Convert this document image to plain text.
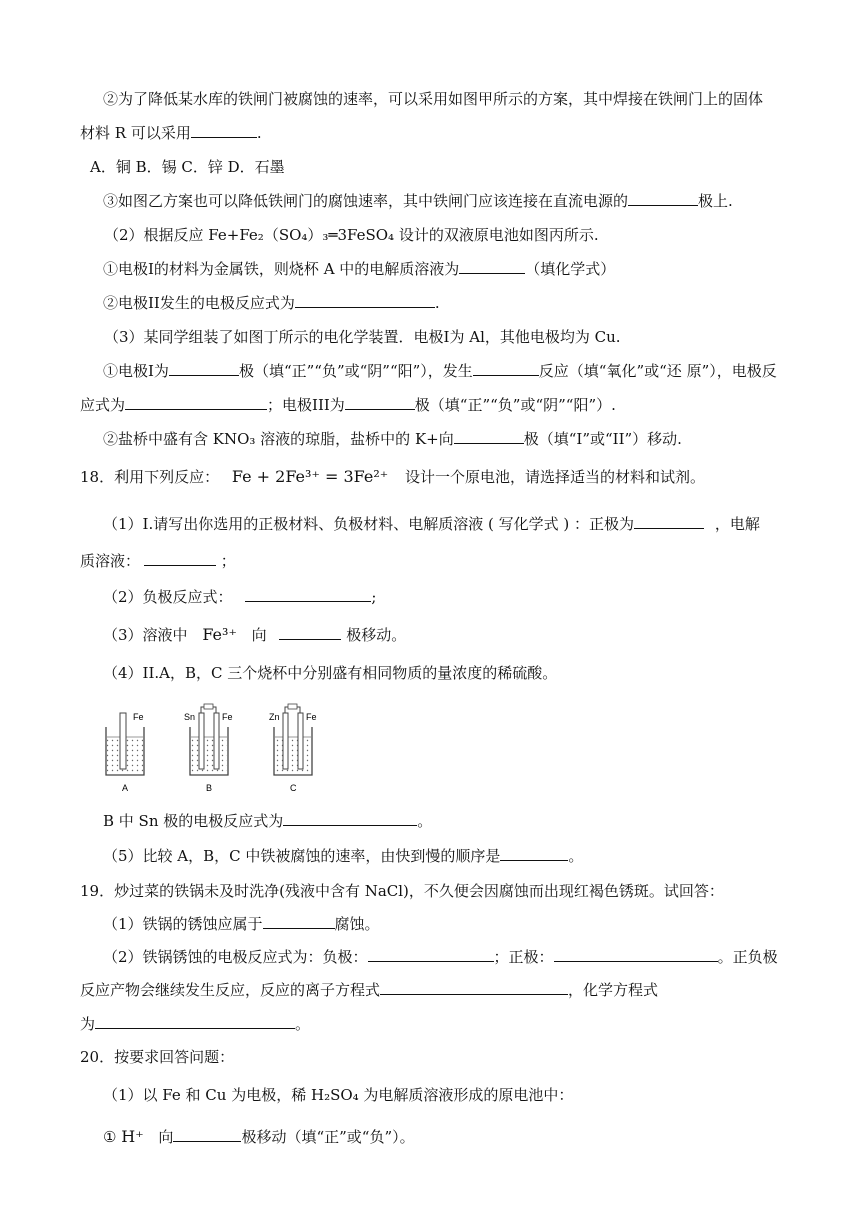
②为了降低某水库的铁闸门被腐蚀的速率，可以采用如图甲所示的方案，其中焊接在铁闸门上的固体
材料 R 可以采用	.
A．铜 B．锡 C．锌 D．石墨
③如图乙方案也可以降低铁闸门的腐蚀速率，其中铁闸门应该连接在直流电源的	极上.
（2）根据反应 Fe+Fe₂（SO₄）₃═3FeSO₄ 设计的双液原电池如图丙所示.
①电极I的材料为金属铁，则烧杯 A 中的电解质溶液为	（填化学式）
②电极II发生的电极反应式为	.
（3）某同学组装了如图丁所示的电化学装置．电极I为 Al，其他电极均为 Cu.
①电极I为	极（填“正”“负”或“阴”“阳”），发生	反应（填“氧化”或“还 原”），电极反
应式为	；电极III为	极（填“正”“负”或“阴”“阳”）.
②盐桥中盛有含 KNO₃ 溶液的琼脂，盐桥中的 K+向	极（填“I”或“II”）移动.
18．利用下列反应： Fe + 2Fe³⁺ = 3Fe²⁺ 设计一个原电池，请选择适当的材料和试剂。
（1）I.请写出你选用的正极材料、负极材料、电解质溶液 ( 写化学式 ) ：正极为	，电解
质溶液：	；
（2）负极反应式：	;
（3）溶液中 Fe³⁺ 向	极移动。
（4）II.A，B，C 三个烧杯中分别盛有相同物质的量浓度的稀硫酸。
Fe
A
Sn	Fe
B
Zn	Fe
C
B 中 Sn 极的电极反应式为	。
（5）比较 A，B，C 中铁被腐蚀的速率，由快到慢的顺序是	。
19．炒过菜的铁锅未及时洗净(残液中含有 NaCl)，不久便会因腐蚀而出现红褐色锈斑。试回答：
（1）铁锅的锈蚀应属于	腐蚀。
（2）铁锅锈蚀的电极反应式为：负极：	；正极：	。正负极
反应产物会继续发生反应，反应的离子方程式	，化学方程式
为	。
20．按要求回答问题：
（1）以 Fe 和 Cu 为电极，稀 H₂SO₄ 为电解质溶液形成的原电池中：
① H⁺ 向	极移动（填“正”或“负”）。
